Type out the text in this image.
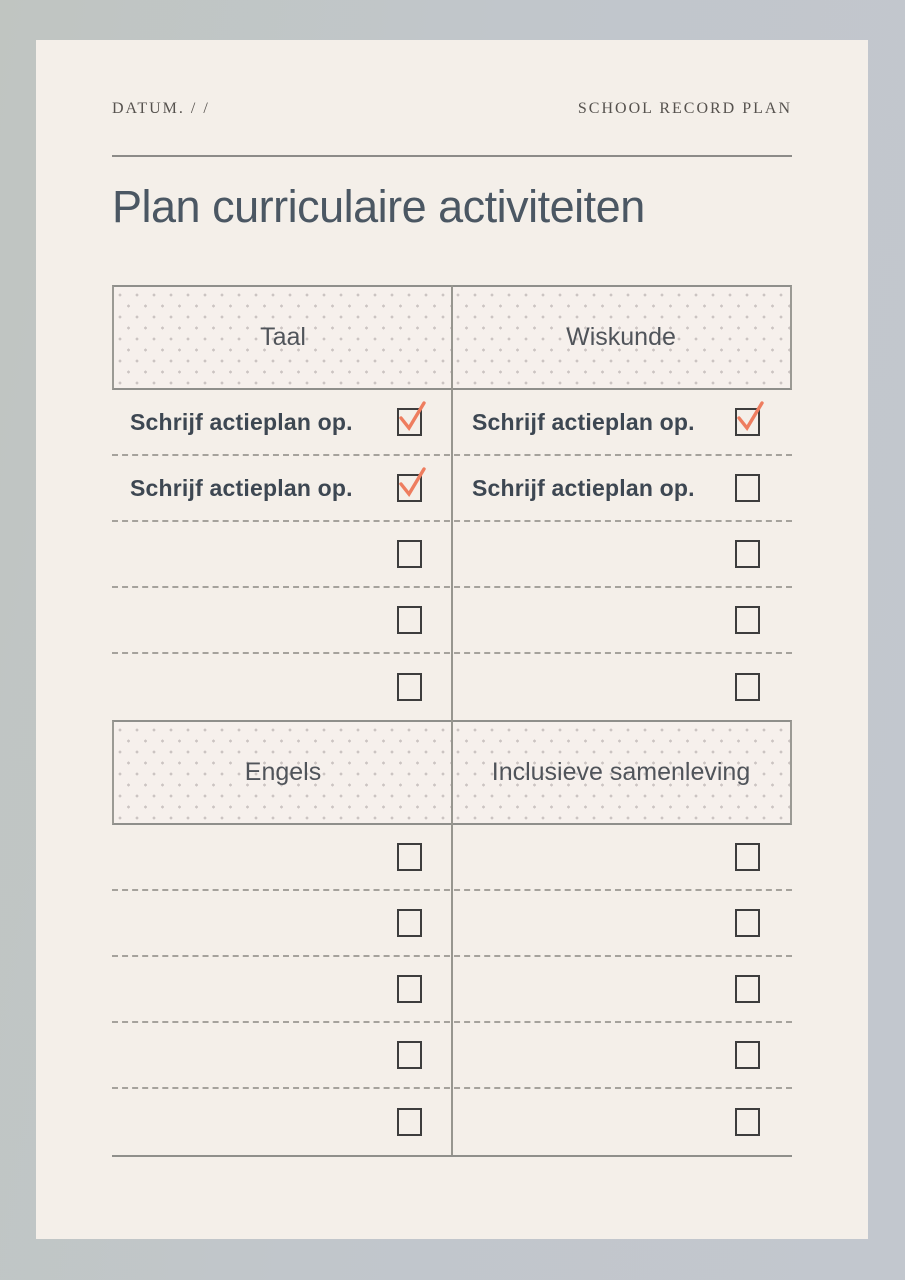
DATUM. / /	SCHOOL RECORD PLAN
Plan curriculaire activiteiten
Taal	Wiskunde
Schrijf actieplan op.	Schrijf actieplan op.
Schrijf actieplan op.	Schrijf actieplan op.
Engels	Inclusieve samenleving
